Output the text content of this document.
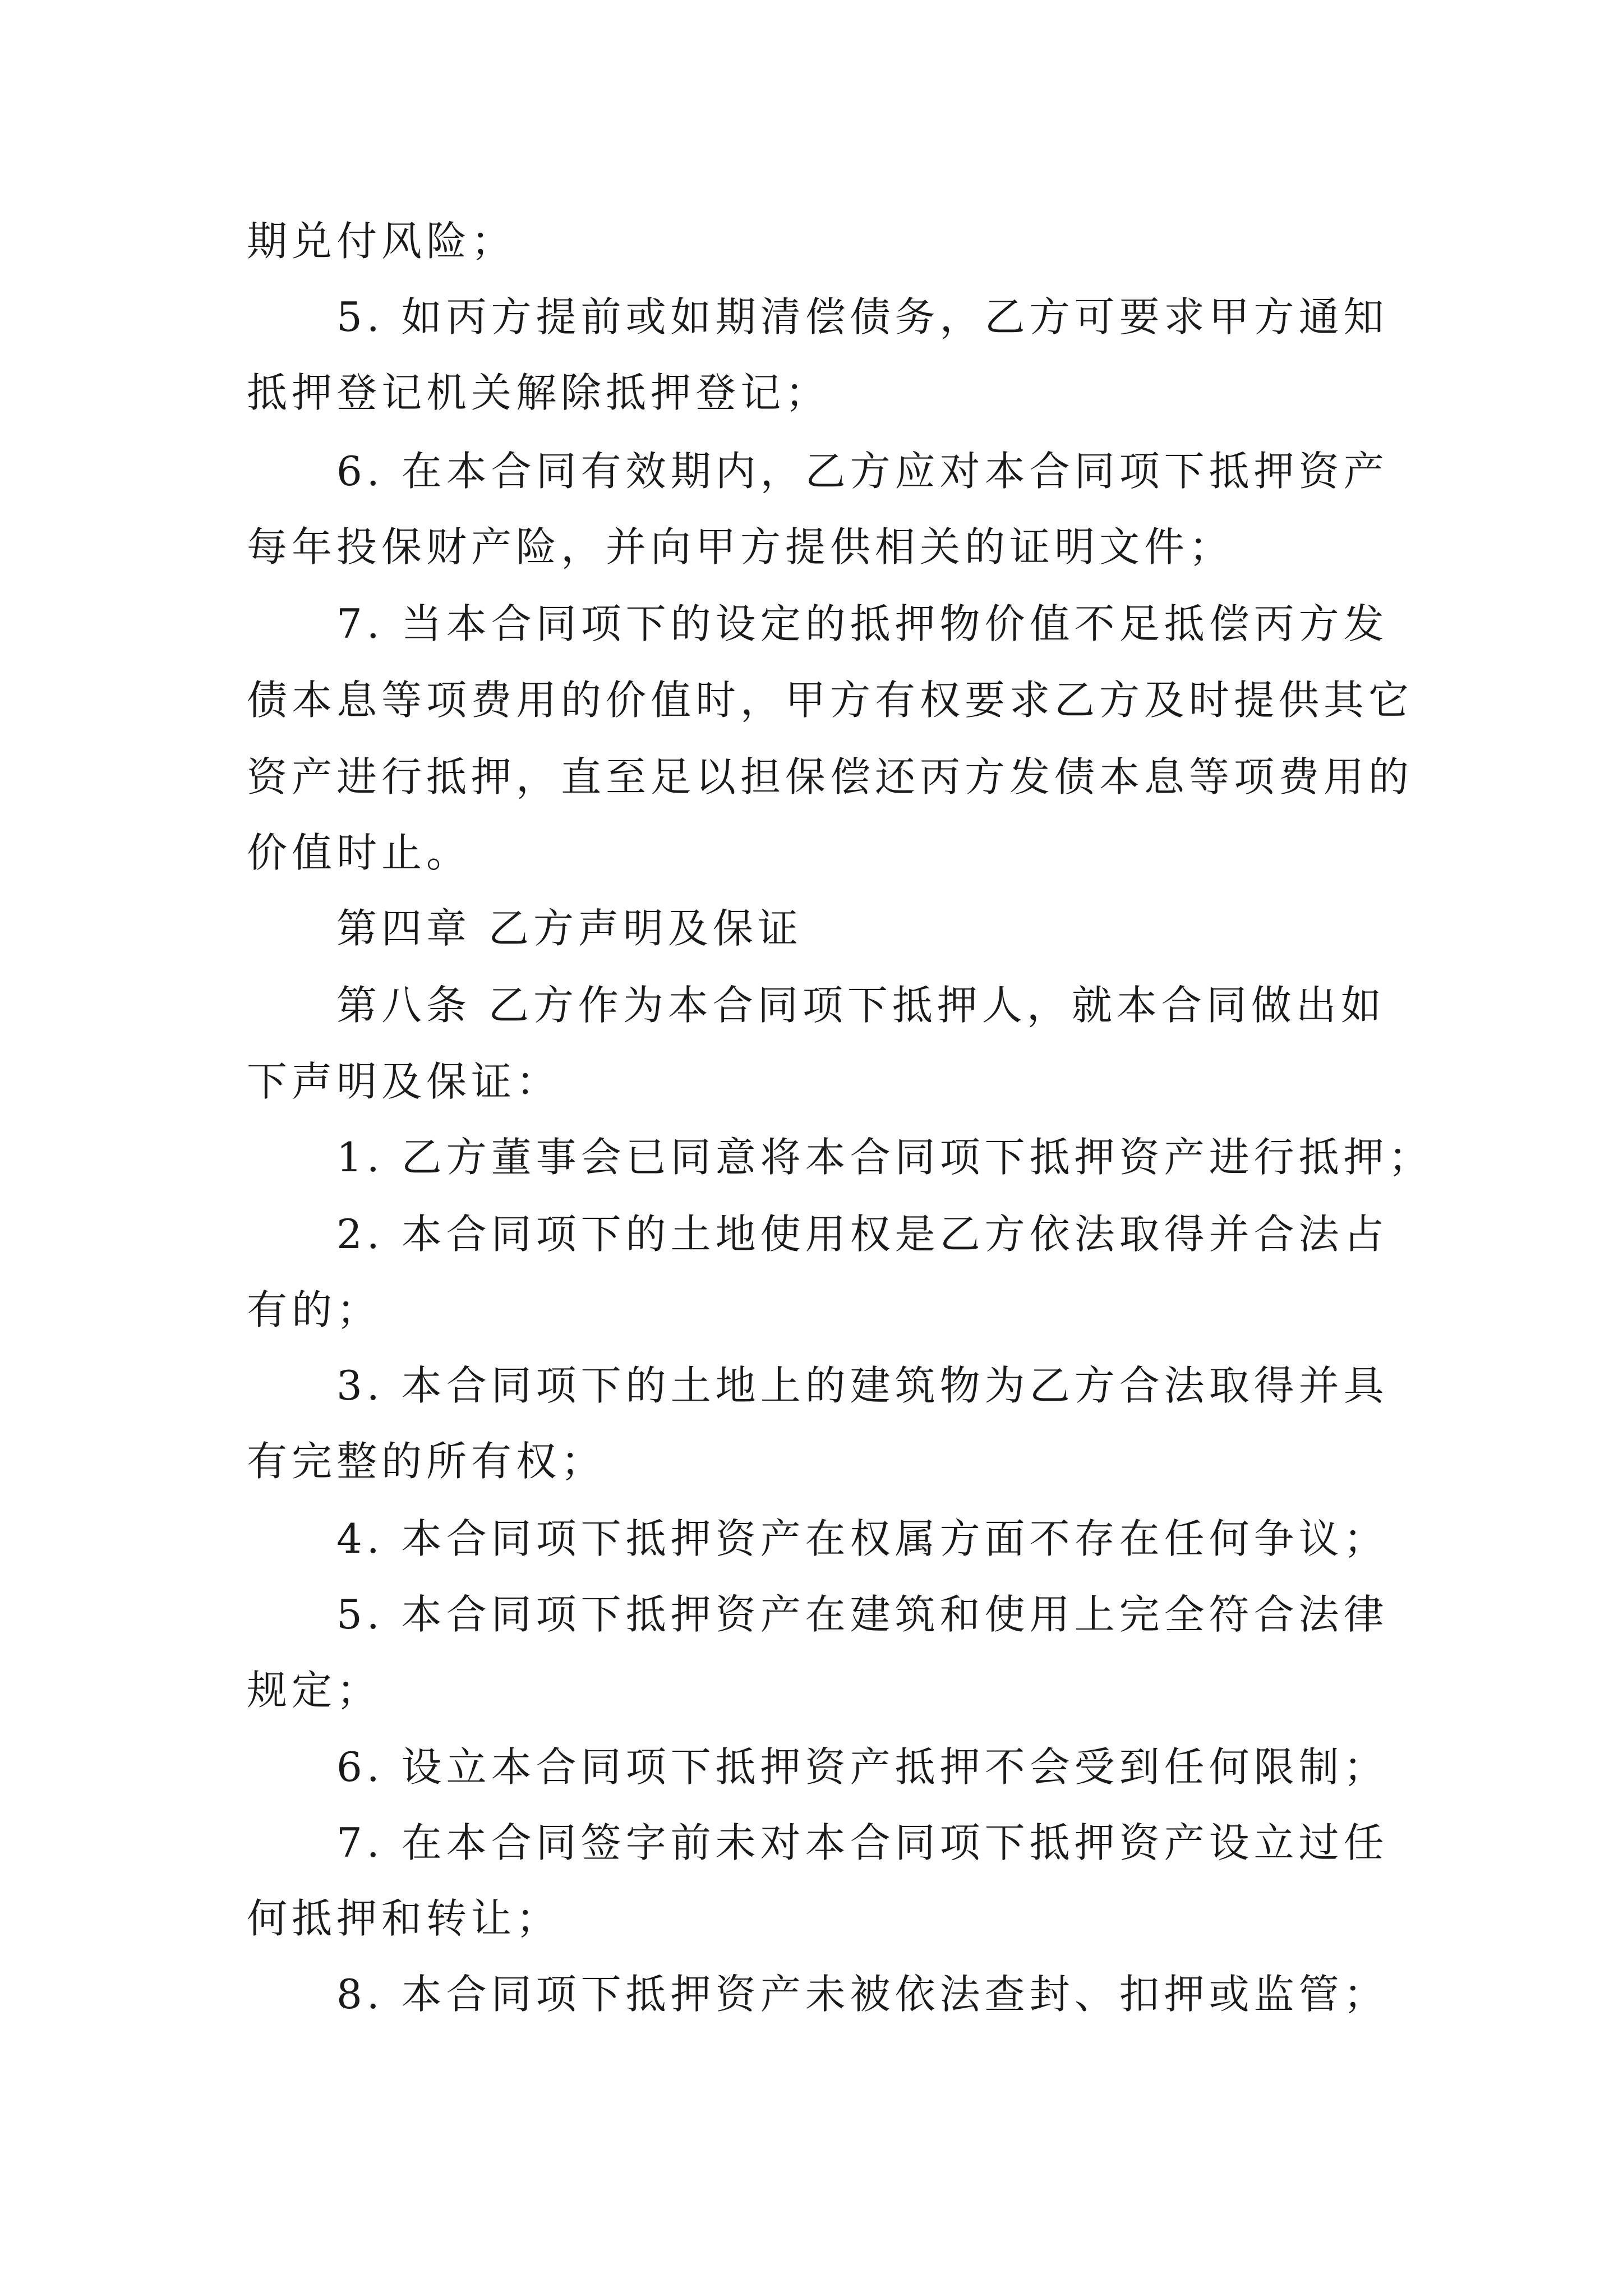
期兑付风险；

5. 如丙方提前或如期清偿债务，乙方可要求甲方通知

抵押登记机关解除抵押登记；

6. 在本合同有效期内，乙方应对本合同项下抵押资产

每年投保财产险，并向甲方提供相关的证明文件；

7. 当本合同项下的设定的抵押物价值不足抵偿丙方发

债本息等项费用的价值时，甲方有权要求乙方及时提供其它

资产进行抵押，直至足以担保偿还丙方发债本息等项费用的

价值时止。

第四章 乙方声明及保证

第八条 乙方作为本合同项下抵押人，就本合同做出如

下声明及保证：

1. 乙方董事会已同意将本合同项下抵押资产进行抵押；

2. 本合同项下的土地使用权是乙方依法取得并合法占

有的；

3. 本合同项下的土地上的建筑物为乙方合法取得并具

有完整的所有权；

4. 本合同项下抵押资产在权属方面不存在任何争议；

5. 本合同项下抵押资产在建筑和使用上完全符合法律

规定；

6. 设立本合同项下抵押资产抵押不会受到任何限制；

7. 在本合同签字前未对本合同项下抵押资产设立过任

何抵押和转让；

8. 本合同项下抵押资产未被依法查封、扣押或监管；
